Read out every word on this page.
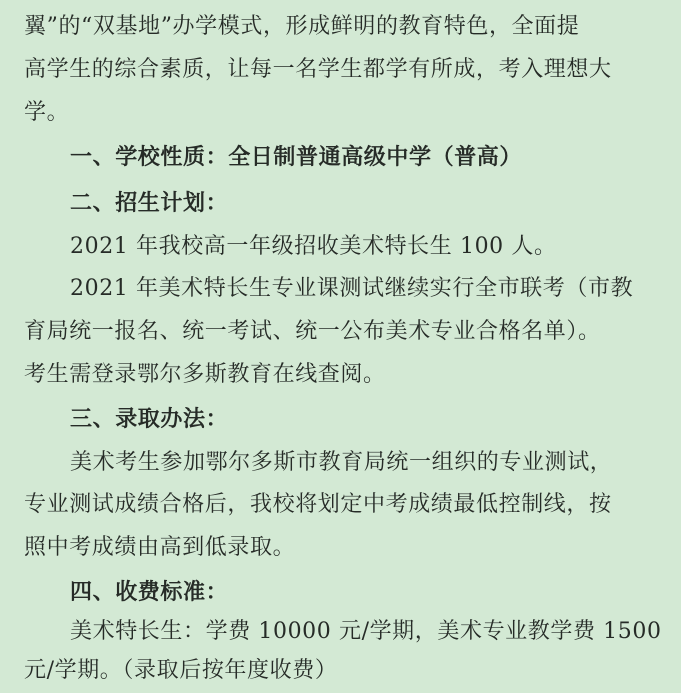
翼”的“双基地”办学模式，形成鲜明的教育特色，全面提
高学生的综合素质，让每一名学生都学有所成，考入理想大
学。
一、学校性质：全日制普通高级中学（普高）
二、招生计划：
2021 年我校高一年级招收美术特长生 100 人。
2021 年美术特长生专业课测试继续实行全市联考（市教
育局统一报名、统一考试、统一公布美术专业合格名单）。
考生需登录鄂尔多斯教育在线查阅。
三、录取办法：
美术考生参加鄂尔多斯市教育局统一组织的专业测试，
专业测试成绩合格后，我校将划定中考成绩最低控制线，按
照中考成绩由高到低录取。
四、收费标准：
美术特长生：学费 10000 元/学期，美术专业教学费 1500
元/学期。（录取后按年度收费）
